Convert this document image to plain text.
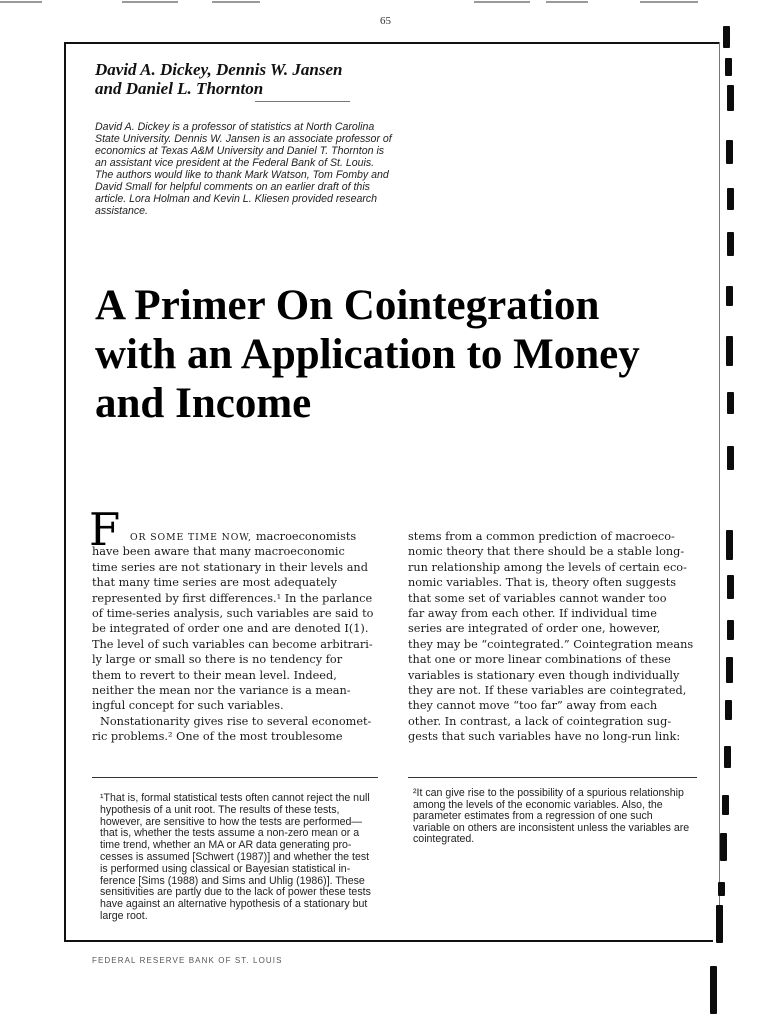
65
David A. Dickey, Dennis W. Jansen
and Daniel L. Thornton
David A. Dickey is a professor of statistics at North Carolina
State University. Dennis W. Jansen is an associate professor of
economics at Texas A&M University and Daniel T. Thornton is
an assistant vice president at the Federal Bank of St. Louis.
The authors would like to thank Mark Watson, Tom Fomby and
David Small for helpful comments on an earlier draft of this
article. Lora Holman and Kevin L. Kliesen provided research
assistance.
A Primer On Cointegration
with an Application to Money
and Income
F	OR SOME TIME NOW, macroeconomists
have been aware that many macroeconomic
time series are not stationary in their levels and
that many time series are most adequately
represented by first differences.¹ In the parlance
of time-series analysis, such variables are said to
be integrated of order one and are denoted I(1).
The level of such variables can become arbitrari-
ly large or small so there is no tendency for
them to revert to their mean level. Indeed,
neither the mean nor the variance is a mean-
ingful concept for such variables.
Nonstationarity gives rise to several economet-
ric problems.² One of the most troublesome
stems from a common prediction of macroeco-
nomic theory that there should be a stable long-
run relationship among the levels of certain eco-
nomic variables. That is, theory often suggests
that some set of variables cannot wander too
far away from each other. If individual time
series are integrated of order one, however,
they may be “cointegrated.” Cointegration means
that one or more linear combinations of these
variables is stationary even though individually
they are not. If these variables are cointegrated,
they cannot move “too far” away from each
other. In contrast, a lack of cointegration sug-
gests that such variables have no long-run link:
¹That is, formal statistical tests often cannot reject the null
hypothesis of a unit root. The results of these tests,
however, are sensitive to how the tests are performed—
that is, whether the tests assume a non-zero mean or a
time trend, whether an MA or AR data generating pro-
cesses is assumed [Schwert (1987)] and whether the test
is performed using classical or Bayesian statistical in-
ference [Sims (1988) and Sims and Uhlig (1986)]. These
sensitivities are partly due to the lack of power these tests
have against an alternative hypothesis of a stationary but
large root.
²It can give rise to the possibility of a spurious relationship
among the levels of the economic variables. Also, the
parameter estimates from a regression of one such
variable on others are inconsistent unless the variables are
cointegrated.
FEDERAL RESERVE BANK OF ST. LOUIS
